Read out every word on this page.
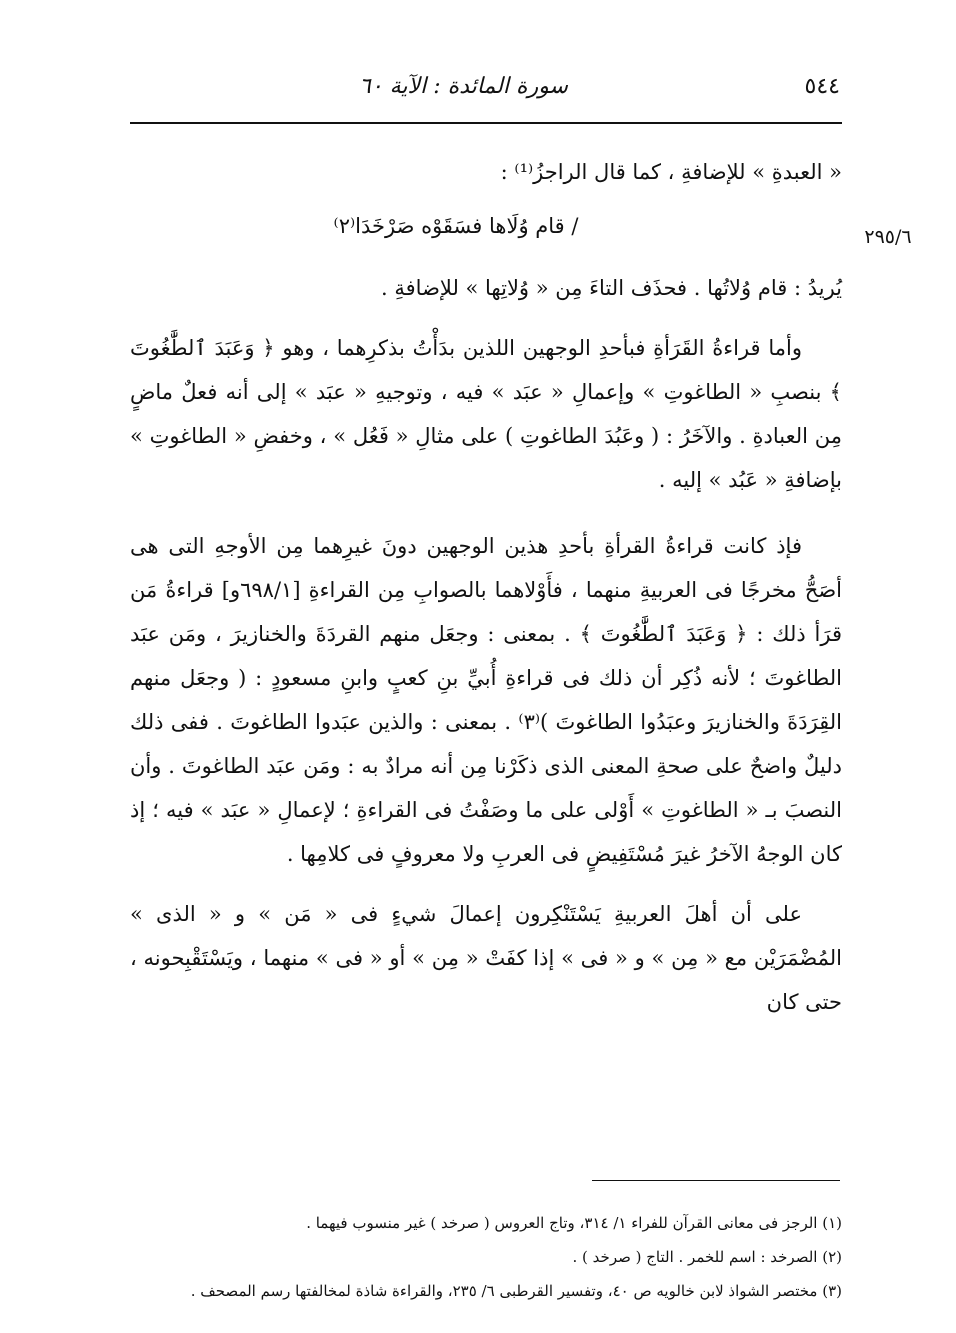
٥٤٤
سورة المائدة : الآية ٦٠
٢٩٥/٦

« العبدةِ » للإضافةِ ، كما قال الراجزُ⁽¹⁾ :

/ قام وُلَاها فسَقَوْه صَرْخَدَا⁽٢⁾

يُريدُ : قام وُلاتُها . فحذَف التاءَ مِن « وُلاتِها » للإضافةِ .

وأما قراءةُ القَرَأةِ فبأحدِ الوجهين اللذين بدَأْتُ بذكرِهما ، وهو ﴿ وَعَبَدَ ٱلطَّٰغُوتَ ﴾ بنصبِ « الطاغوتِ » وإعمالِ « عبَد » فيه ، وتوجيهِ « عبَد » إلى أنه فعلٌ ماضٍ مِن العبادةِ . والآخَرُ : ( وعَبُدَ الطاغوتِ ) على مثالِ « فَعُل » ، وخفضِ « الطاغوتِ » بإضافةِ « عَبُد » إليه .

فإذ كانت قراءةُ القرأةِ بأحدِ هذين الوجهين دونَ غيرِهما مِن الأوجهِ التى هى أصَحُّ مخرجًا فى العربيةِ منهما ، فأَوْلاهما بالصوابِ مِن القراءةِ [٦٩٨/١و] قراءةُ مَن قرَأ ذلك : ﴿ وَعَبَدَ ٱلطَّٰغُوتَ ﴾ . بمعنى : وجعَل منهم القردَةَ والخنازيرَ ، ومَن عبَد الطاغوتَ ؛ لأنه ذُكِر أن ذلك فى قراءةِ أُبيِّ بنِ كعبٍ وابنِ مسعودٍ : ( وجعَل منهم القِرَدَةَ والخنازيرَ وعبَدُوا الطاغوتَ )⁽٣⁾ . بمعنى : والذين عبَدوا الطاغوتَ . ففى ذلك دليلٌ واضحٌ على صحةِ المعنى الذى ذكَرْنا مِن أنه مرادٌ به : ومَن عبَد الطاغوتَ . وأن النصبَ بـ « الطاغوتِ » أَوْلى على ما وصَفْتُ فى القراءةِ ؛ لإعمالِ « عبَد » فيه ؛ إذ كان الوجهُ الآخرُ غيرَ مُسْتَفِيضٍ فى العربِ ولا معروفٍ فى كلامِها .

على أن أهلَ العربيةِ يَسْتَنْكِرون إعمالَ شيءٍ فى « مَن » و « الذى » المُضْمَرَيْن مع « مِن » و « فى » إذا كفَتْ « مِن » أو « فى » منهما ، ويَسْتَقْبِحونه ، حتى كان

(١) الرجز فى معانى القرآن للفراء ١/ ٣١٤، وتاج العروس ( صرخد ) غير منسوب فيهما .

(٢) الصرخد : اسم للخمر . التاج ( صرخد ) .

(٣) مختصر الشواذ لابن خالويه ص ٤٠، وتفسير القرطبى ٦/ ٢٣٥، والقراءة شاذة لمخالفتها رسم المصحف .
